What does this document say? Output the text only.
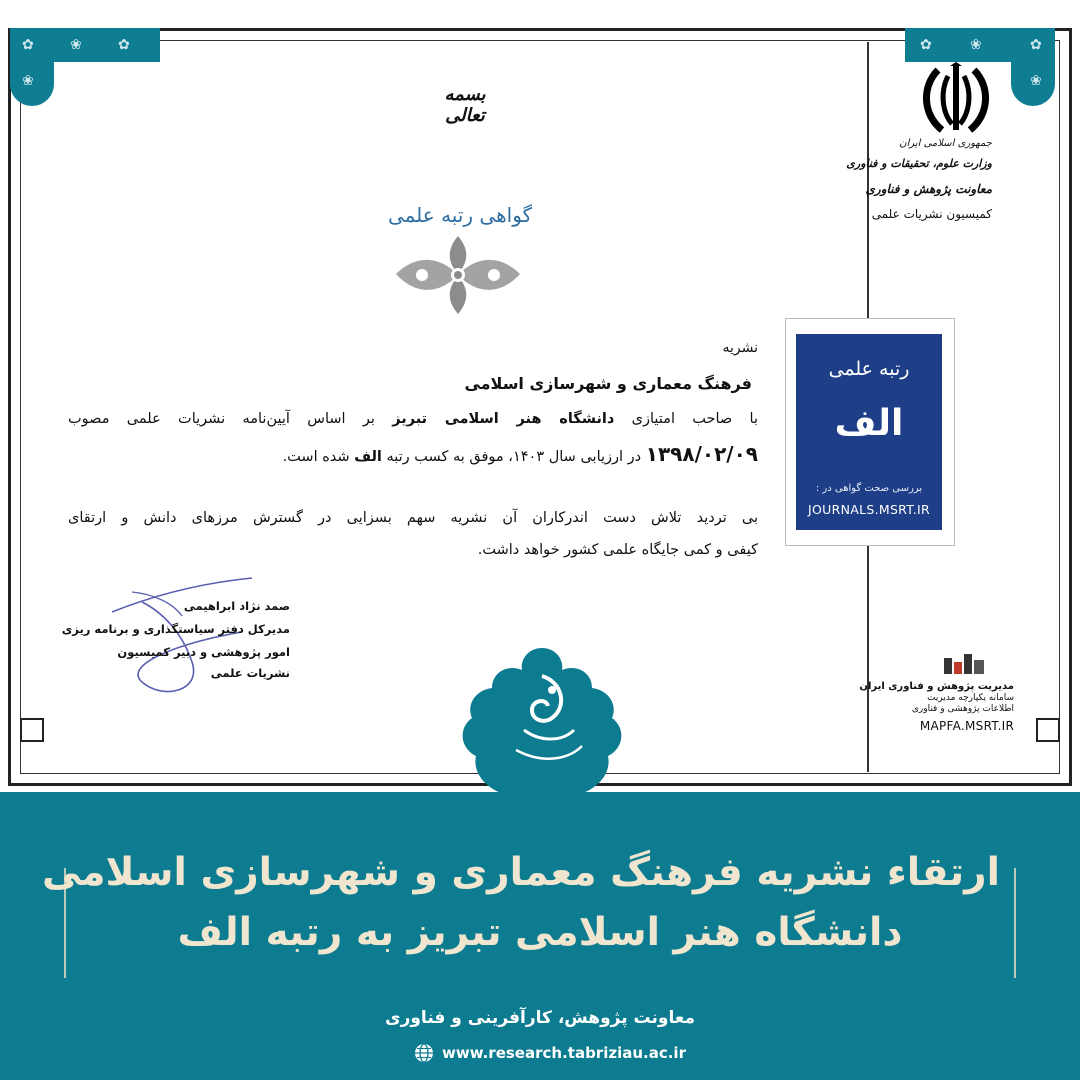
✿	❀	✿
❀
✿	❀	✿
❀
جمهوری اسلامی ایران
وزارت علوم، تحقیقات و فناوری
معاونت پژوهش و فناوری
کمیسیون نشریات علمی
بسمه تعالی
گواهی رتبه علمی
نشریه
فرهنگ معماری و شهرسازی اسلامی
با صاحب امتیازی دانشگاه هنر اسلامی تبریز بر اساس آیین‌نامه نشریات علمی مصوب
۱۳۹۸/۰۲/۰۹ در ارزیابی سال ۱۴۰۳، موفق به کسب رتبه الف شده است.
بی تردید تلاش دست اندرکاران آن نشریه سهم بسزایی در گسترش مرزهای دانش و ارتقای
کیفی و کمی جایگاه علمی کشور خواهد داشت.
رتبه علمی
الف
بررسی صحت گواهی در :
JOURNALS.MSRT.IR
صمد نژاد ابراهیمی
مدیرکل دفتر سیاستگذاری و برنامه ریزی
امور پژوهشی و دبیر کمیسیون
نشریات علمی
مدیریت پژوهش و فناوری ایران
سامانه یکپارچه مدیریت
اطلاعات پژوهشی و فناوری
MAPFA.MSRT.IR
ارتقاء نشریه فرهنگ معماری و شهرسازی اسلامی
دانشگاه هنر اسلامی تبریز به رتبه الف
معاونت پژوهش، کارآفرینی و فناوری
www.research.tabriziau.ac.ir
